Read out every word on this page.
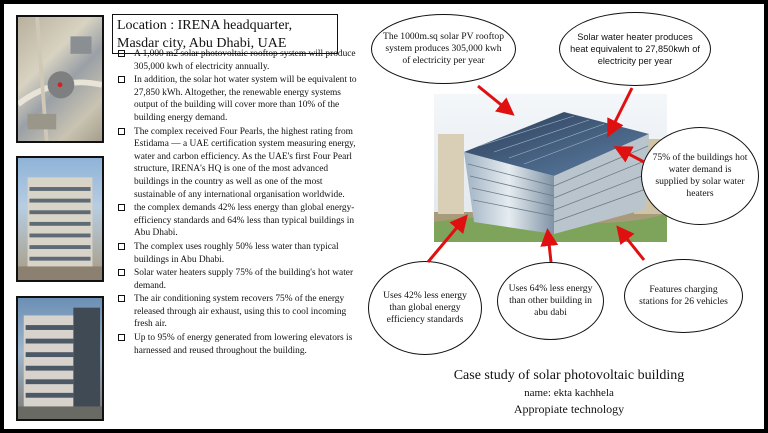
Location : IRENA headquarter,
Masdar city, Abu Dhabi, UAE
A 1,000 m2 solar photovoltaic rooftop system will produce 305,000 kwh of electricity annually.
In addition, the solar hot water system will be equivalent to 27,850 kWh. Altogether, the renewable energy systems output of the building will cover more than 10% of the building energy demand.
The complex received Four Pearls, the highest rating from Estidama — a UAE certification system measuring energy, water and carbon efficiency. As the UAE's first Four Pearl structure, IRENA's HQ is one of the most advanced buildings in the country as well as one of the most sustainable of any international organisation worldwide.
the complex demands 42% less energy than global energy-efficiency standards and 64% less than typical buildings in Abu Dhabi.
The complex uses roughly 50% less water than typical buildings in Abu Dhabi.
Solar water heaters supply 75% of the building's hot water demand.
The air conditioning system recovers 75% of the energy released through air exhaust, using this to cool incoming fresh air.
Up to 95% of energy generated from lowering elevators is harnessed and reused throughout the building.
The 1000m.sq solar PV rooftop system produces 305,000 kwh of electricity per year
Solar water heater produces heat equivalent to 27,850kwh of electricity per year
75% of the buildings hot water demand is supplied by solar water heaters
Uses 42% less energy than global energy efficiency standards
Uses 64% less energy than other building in abu dabi
Features charging stations for 26 vehicles
Case study of solar photovoltaic building
name: ekta kachhela
Appropiate technology
